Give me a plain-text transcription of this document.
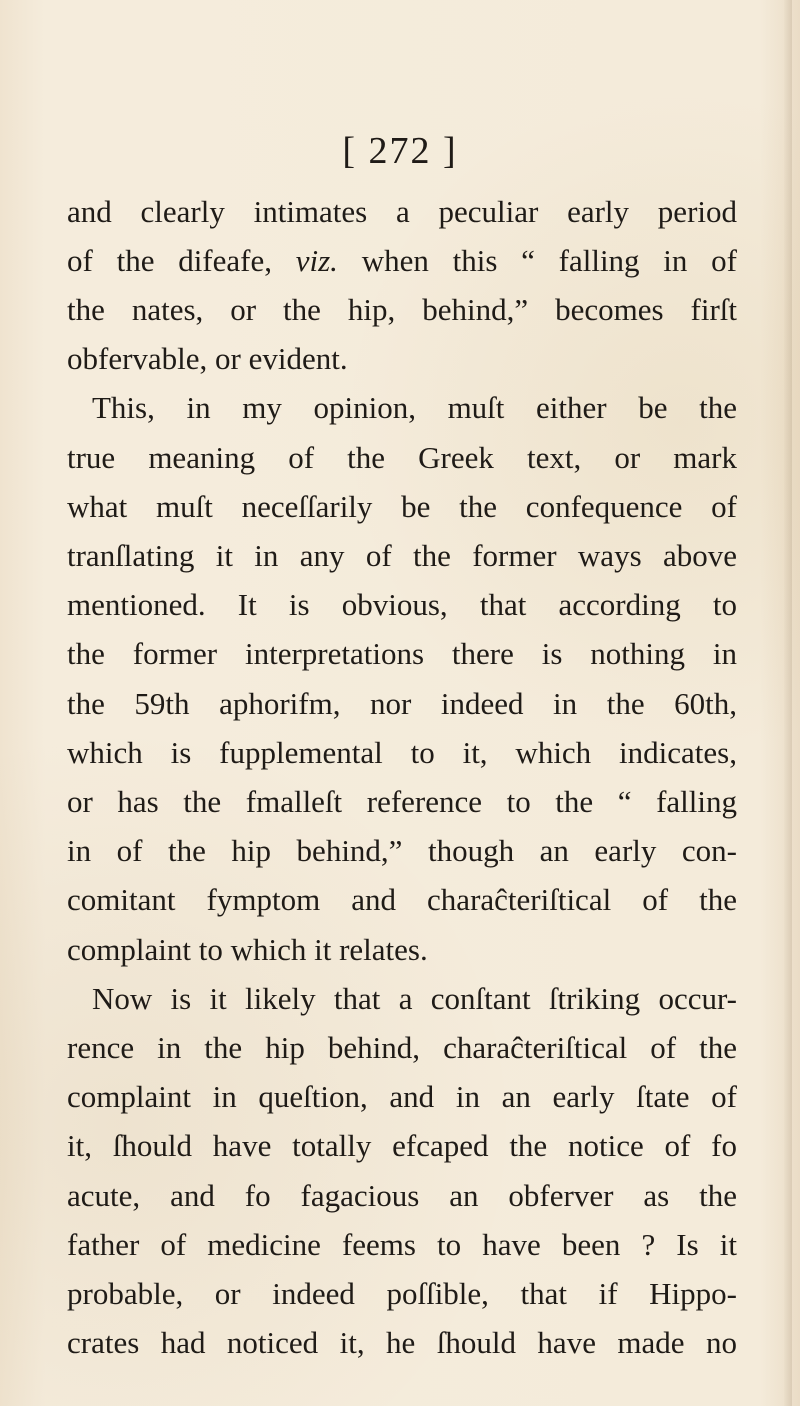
[ 272 ]
and clearly intimates a peculiar early period
of the difeafe, viz. when this “ falling in of
the nates, or the hip, behind,” becomes firſt
obfervable, or evident.
This, in my opinion, muſt either be the
true meaning of the Greek text, or mark
what muſt neceſſarily be the confequence of
tranſlating it in any of the former ways above
mentioned. It is obvious, that according to
the former interpretations there is nothing in
the 59th aphorifm, nor indeed in the 60th,
which is fupplemental to it, which indicates,
or has the fmalleſt reference to the “ falling
in of the hip behind,” though an early con-
comitant fymptom and charaĉteriſtical of the
complaint to which it relates.
Now is it likely that a conſtant ſtriking occur-
rence in the hip behind, charaĉteriſtical of the
complaint in queſtion, and in an early ſtate of
it, ſhould have totally efcaped the notice of fo
acute, and fo fagacious an obferver as the
father of medicine feems to have been ? Is it
probable, or indeed poſſible, that if Hippo-
crates had noticed it, he ſhould have made no
